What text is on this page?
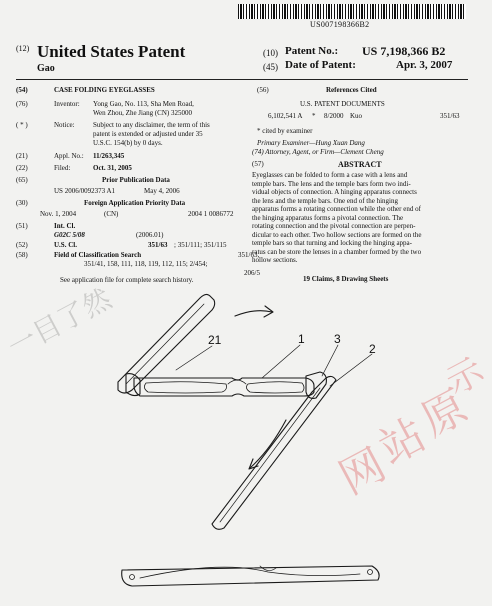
US007198366B2
(12) United States Patent
Gao
(10) Patent No.: US 7,198,366 B2
(45) Date of Patent:	Apr. 3, 2007
(54)	CASE FOLDING EYEGLASSES
(76)	Inventor: Yong Gao, No. 113, Sha Men Road,
Wen Zhou, Zhe Jiang (CN) 325000
( * )	Notice:	Subject to any disclaimer, the term of this
patent is extended or adjusted under 35
U.S.C. 154(b) by 0 days.
(21)	Appl. No.: 11/263,345
(22)	Filed:	Oct. 31, 2005
(65)	Prior Publication Data
US 2006/0092373 A1	May 4, 2006
(30)	Foreign Application Priority Data
Nov. 1, 2004	(CN)	2004 1 0086772
(51)	Int. Cl.
G02C 5/08	(2006.01)
(52)	U.S. Cl.	351/63 ; 351/111; 351/115
(58)	Field of Classification Search	351/63,
351/41, 158, 111, 118, 119, 112, 115; 2/454;
206/5
See application file for complete search history.
(56)	References Cited
U.S. PATENT DOCUMENTS
6,102,541 A * 8/2000 Kuo	351/63
* cited by examiner
Primary Examiner—Hung Xuan Dang
(74) Attorney, Agent, or Firm—Clement Cheng
(57)	ABSTRACT
Eyeglasses can be folded to form a case with a lens and
temple bars. The lens and the temple bars form two indi-
vidual objects of connection. A hinging apparatus connects
the lens and the temple bars. One end of the hinging
apparatus forms a rotating connection while the other end of
the hinging apparatus forms a pivotal connection. The
rotating connection and the pivotal connection are perpen-
dicular to each other. Two hollow sections are formed on the
temple bars so that turning and locking the hinging appa-
ratus can be store the lenses in a chamber formed by the two
hollow sections.
19 Claims, 8 Drawing Sheets
21	1 3
2
一目了然
网
站
原
示
